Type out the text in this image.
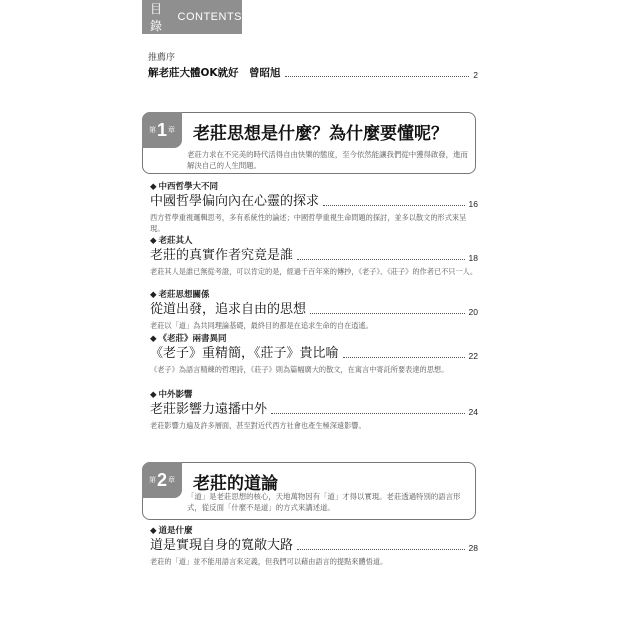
目錄
CONTENTS
推薦序
解老莊大體OK就好　曾昭旭	2
第 1 章 老莊思想是什麼？為什麼要懂呢？
老莊力求在不完美的時代活得自由快樂的態度，至今依然能讓我們從中獲得啟發，進而解決自己的人生問題。
◆ 中西哲學大不同
中國哲學偏向內在心靈的探求	16
西方哲學重視邏輯思考，多有系統性的論述；中國哲學重視生命問題的探討，並多以散文的形式來呈現。
◆ 老莊其人
老莊的真實作者究竟是誰	18
老莊其人是誰已無從考證，可以肯定的是，經過千百年來的傳抄，《老子》、《莊子》的作者已不只一人。
◆ 老莊思想關係
從道出發，追求自由的思想	20
老莊以「道」為共同理論基礎，最終目的都是在追求生命的自在逍遙。
◆ 《老莊》兩書異同
《老子》重精簡，《莊子》貴比喻	22
《老子》為語言精練的哲理詩，《莊子》則為篇幅廣大的散文，在寓言中寄託所要表達的思想。
◆ 中外影響
老莊影響力遠播中外	24
老莊影響力遍及許多層面，甚至對近代西方社會也產生極深遠影響。
第 2 章 老莊的道論
「道」是老莊思想的核心，天地萬物因有「道」才得以實現。老莊透過特別的語言形式，從反面「什麼不是道」的方式來講述道。
◆ 道是什麼
道是實現自身的寬敞大路	28
老莊的「道」並不能用語言來定義，但我們可以藉由語言的提點來體悟道。
